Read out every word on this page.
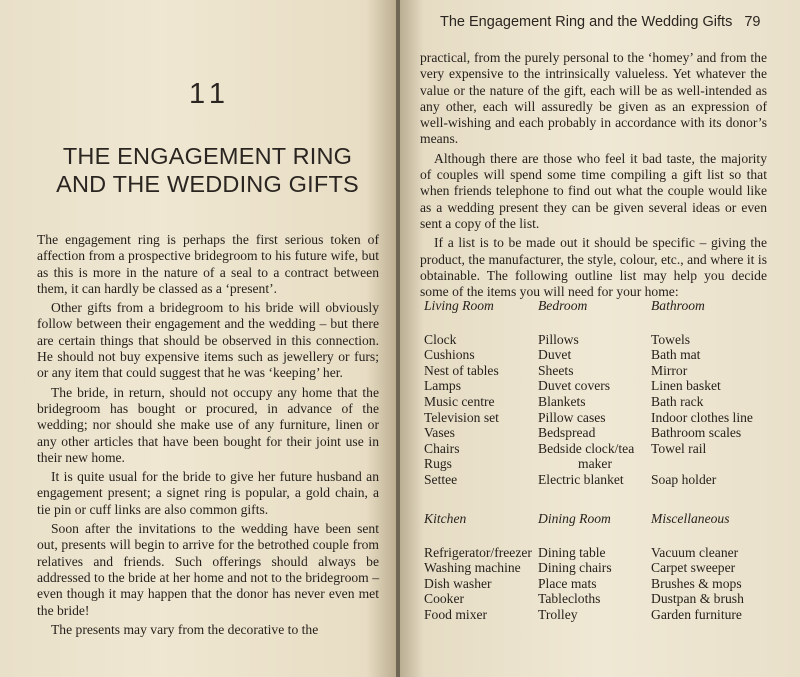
11
THE ENGAGEMENT RING
AND THE WEDDING GIFTS

The engagement ring is perhaps the first serious token of affection from a prospective bridegroom to his future wife, but as this is more in the nature of a seal to a contract between them, it can hardly be classed as a ‘present’.

Other gifts from a bridegroom to his bride will obviously follow between their engagement and the wedding – but there are certain things that should be observed in this connection. He should not buy expensive items such as jewellery or furs; or any item that could suggest that he was ‘keeping’ her.

The bride, in return, should not occupy any home that the bridegroom has bought or procured, in advance of the wedding; nor should she make use of any furniture, linen or any other articles that have been bought for their joint use in their new home.

It is quite usual for the bride to give her future husband an engagement present; a signet ring is popular, a gold chain, a tie pin or cuff links are also common gifts.

Soon after the invitations to the wedding have been sent out, presents will begin to arrive for the betrothed couple from relatives and friends. Such offerings should always be addressed to the bride at her home and not to the bridegroom – even though it may happen that the donor has never even met the bride!

The presents may vary from the decorative to the

The Engagement Ring and the Wedding Gifts 79

practical, from the purely personal to the ‘homey’ and from the very expensive to the intrinsically valueless. Yet whatever the value or the nature of the gift, each will be as well-intended as any other, each will assuredly be given as an expression of well-wishing and each probably in accordance with its donor’s means.

Although there are those who feel it bad taste, the majority of couples will spend some time compiling a gift list so that when friends telephone to find out what the couple would like as a wedding present they can be given several ideas or even sent a copy of the list.

If a list is to be made out it should be specific – giving the product, the manufacturer, the style, colour, etc., and where it is obtainable. The following outline list may help you decide some of the items you will need for your home:

Living Room
Clock
Cushions
Nest of tables
Lamps
Music centre
Television set
Vases
Chairs
Rugs
Settee
Bedroom
Pillows
Duvet
Sheets
Duvet covers
Blankets
Pillow cases
Bedspread
Bedside clock/tea
maker
Electric blanket
Bathroom
Towels
Bath mat
Mirror
Linen basket
Bath rack
Indoor clothes line
Bathroom scales
Towel rail

Soap holder
Kitchen
Refrigerator/freezer
Washing machine
Dish washer
Cooker
Food mixer
Dining Room
Dining table
Dining chairs
Place mats
Tablecloths
Trolley
Miscellaneous
Vacuum cleaner
Carpet sweeper
Brushes & mops
Dustpan & brush
Garden furniture
